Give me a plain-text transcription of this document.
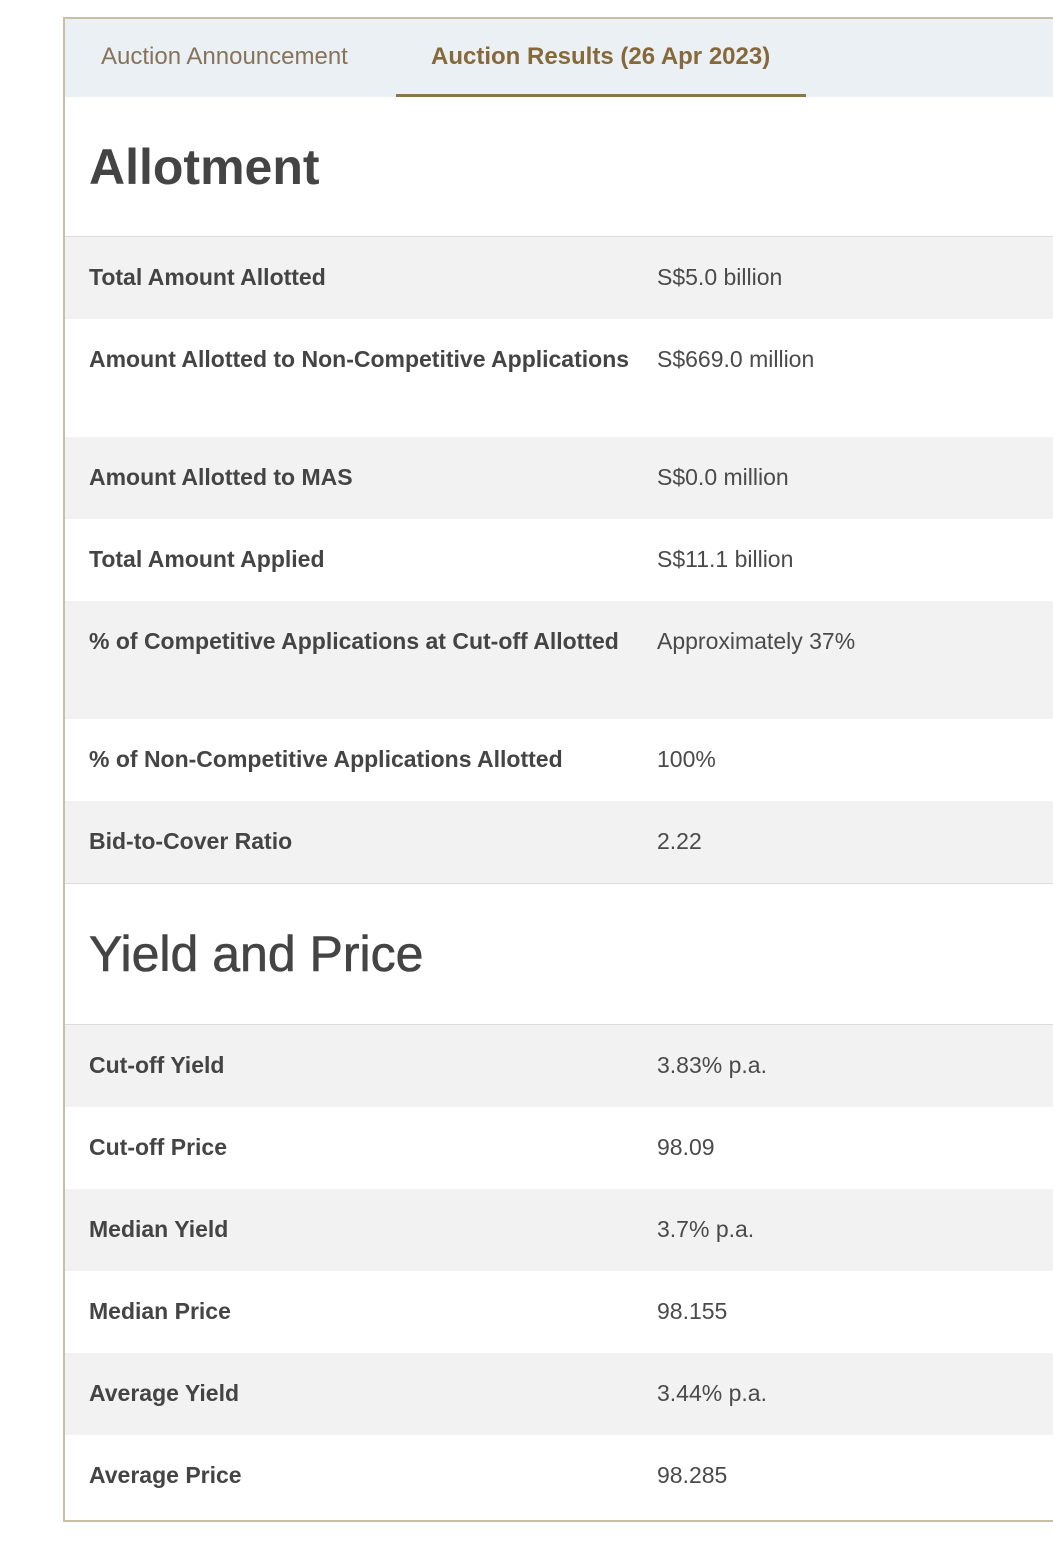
Auction Announcement	Auction Results (26 Apr 2023)
Allotment
Total Amount Allotted	S$5.0 billion
Amount Allotted to Non-Competitive Applications	S$669.0 million
Amount Allotted to MAS	S$0.0 million
Total Amount Applied	S$11.1 billion
% of Competitive Applications at Cut-off Allotted	Approximately 37%
% of Non-Competitive Applications Allotted	100%
Bid-to-Cover Ratio	2.22
Yield and Price
Cut-off Yield	3.83% p.a.
Cut-off Price	98.09
Median Yield	3.7% p.a.
Median Price	98.155
Average Yield	3.44% p.a.
Average Price	98.285
